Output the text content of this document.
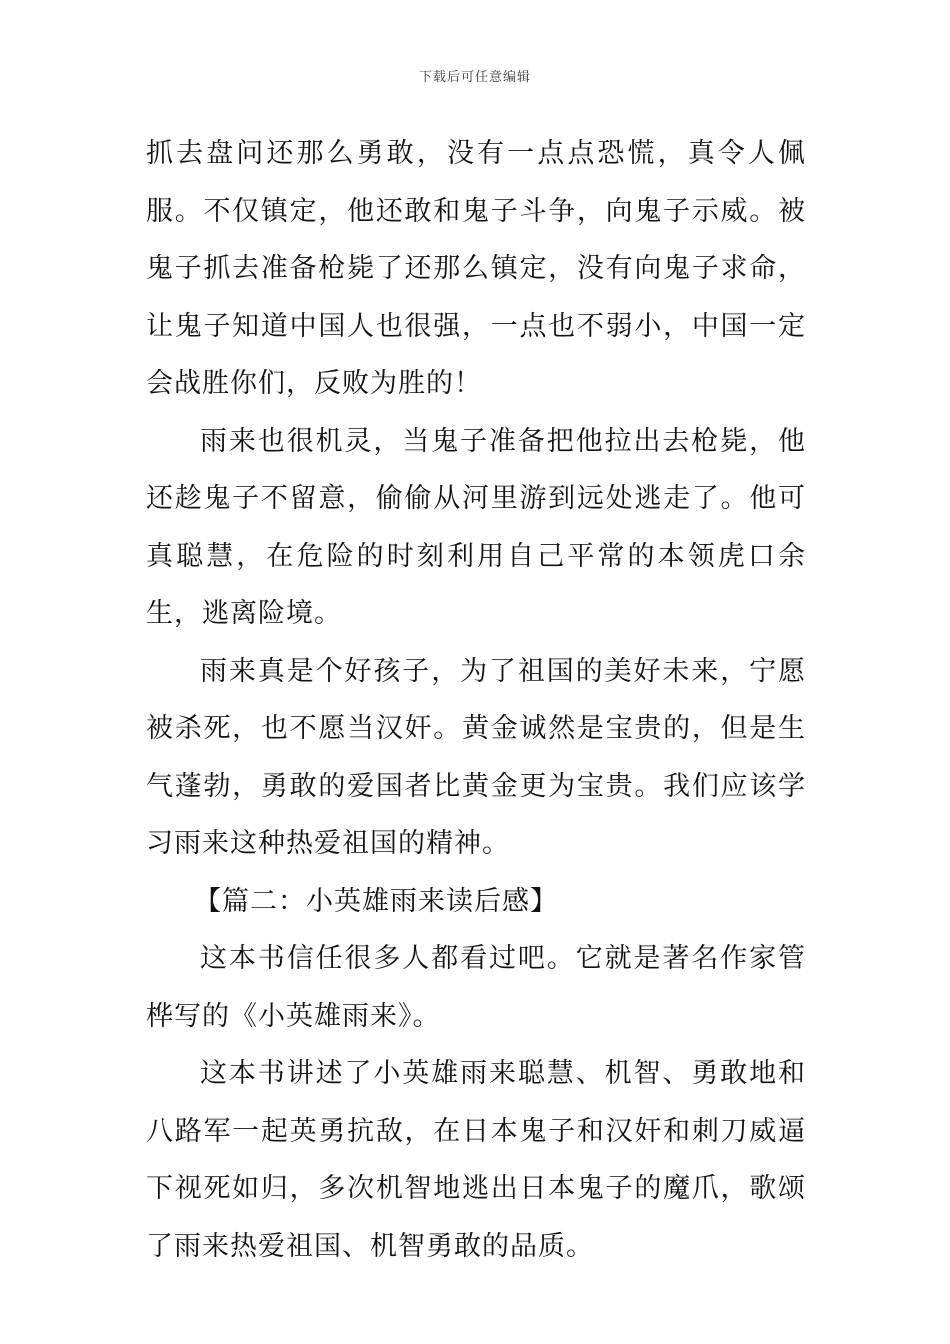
下载后可任意编辑

抓去盘问还那么勇敢，没有一点点恐慌，真令人佩服。不仅镇定，他还敢和鬼子斗争，向鬼子示威。被鬼子抓去准备枪毙了还那么镇定，没有向鬼子求命，让鬼子知道中国人也很强，一点也不弱小，中国一定会战胜你们，反败为胜的！

雨来也很机灵，当鬼子准备把他拉出去枪毙，他还趁鬼子不留意，偷偷从河里游到远处逃走了。他可真聪慧，在危险的时刻利用自己平常的本领虎口余生，逃离险境。

雨来真是个好孩子，为了祖国的美好未来，宁愿被杀死，也不愿当汉奸。黄金诚然是宝贵的，但是生气蓬勃，勇敢的爱国者比黄金更为宝贵。我们应该学习雨来这种热爱祖国的精神。

【篇二：小英雄雨来读后感】

这本书信任很多人都看过吧。它就是著名作家管桦写的《小英雄雨来》。

这本书讲述了小英雄雨来聪慧、机智、勇敢地和八路军一起英勇抗敌，在日本鬼子和汉奸和刺刀威逼下视死如归，多次机智地逃出日本鬼子的魔爪，歌颂了雨来热爱祖国、机智勇敢的品质。
